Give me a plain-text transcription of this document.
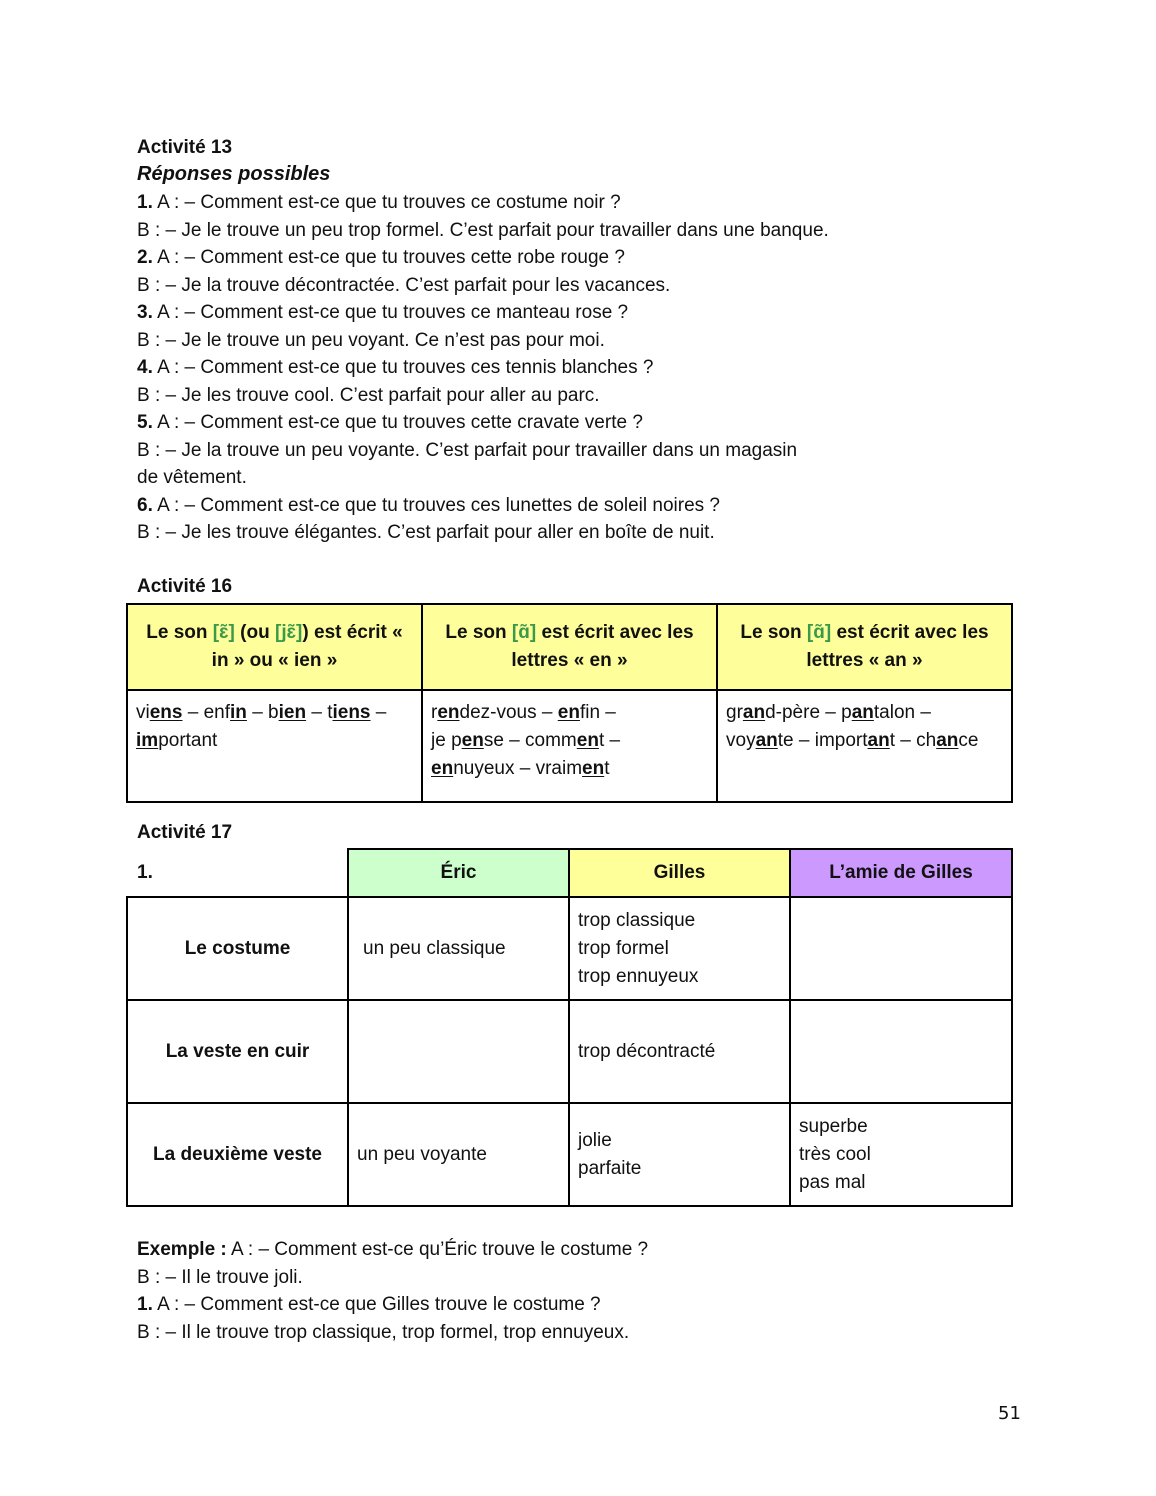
Activité 13
Réponses possibles
1. A : – Comment est-ce que tu trouves ce costume noir ?
B : – Je le trouve un peu trop formel. C’est parfait pour travailler dans une banque.
2. A : – Comment est-ce que tu trouves cette robe rouge ?
B : – Je la trouve décontractée. C’est parfait pour les vacances.
3. A : – Comment est-ce que tu trouves ce manteau rose ?
B : – Je le trouve un peu voyant. Ce n’est pas pour moi.
4. A : – Comment est-ce que tu trouves ces tennis blanches ?
B : – Je les trouve cool. C’est parfait pour aller au parc.
5. A : – Comment est-ce que tu trouves cette cravate verte ?
B : – Je la trouve un peu voyante. C’est parfait pour travailler dans un magasin
de vêtement.
6. A : – Comment est-ce que tu trouves ces lunettes de soleil noires ?
B : – Je les trouve élégantes. C’est parfait pour aller en boîte de nuit.
Activité 16
Le son [ɛ̃] (ou [jɛ̃]) est écrit « in » ou « ien »	Le son [ɑ̃] est écrit avec les lettres « en »	Le son [ɑ̃] est écrit avec les lettres « an »

viens – enfin – bien – tiens –
important	rendez-vous – enfin –
je pense – comment –
ennuyeux – vraiment	grand-père – pantalon –
voyante – important – chance
Activité 17
1.	Éric	Gilles	L’amie de Gilles
Le costume	un peu classique	trop classique
trop formel
trop ennuyeux	

La veste en cuir		trop décontracté	

La deuxième veste	un peu voyante	jolie
parfaite	superbe
très cool
pas mal
Exemple : A : – Comment est-ce qu’Éric trouve le costume ?
B : – Il le trouve joli.
1. A : – Comment est-ce que Gilles trouve le costume ?
B : – Il le trouve trop classique, trop formel, trop ennuyeux.
51
